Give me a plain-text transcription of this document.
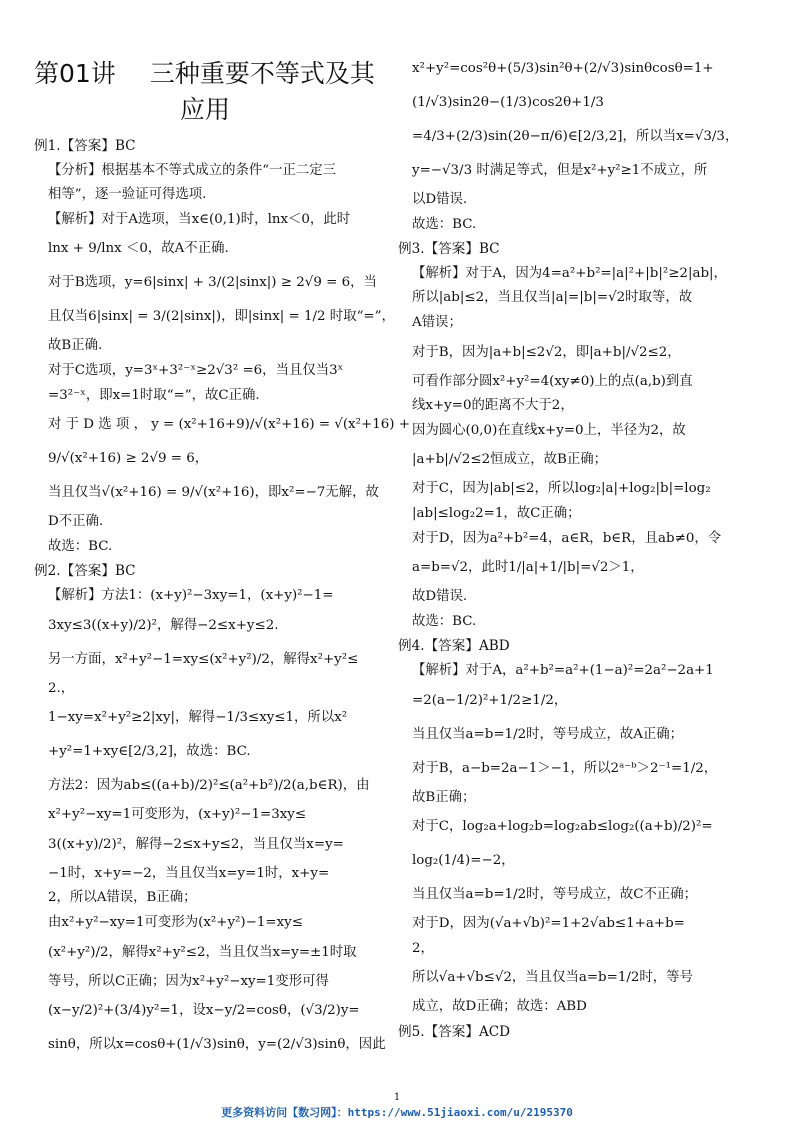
第01讲 三种重要不等式及其
应用
例1.【答案】BC
【分析】根据基本不等式成立的条件“一正二定三
相等”，逐一验证可得选项.
【解析】对于A选项，当x∈(0,1)时，lnx＜0，此时
lnx + 9/lnx ＜0，故A不正确.
对于B选项，y=6|sinx| + 3/(2|sinx|) ≥ 2√9 = 6，当
且仅当6|sinx| = 3/(2|sinx|)，即|sinx| = 1/2 时取“=”，
故B正确.
对于C选项，y=3ˣ+3²⁻ˣ≥2√3² =6，当且仅当3ˣ
=3²⁻ˣ，即x=1时取“=”，故C正确.
对 于 D 选 项 ， y = (x²+16+9)/√(x²+16) = √(x²+16) +
9/√(x²+16) ≥ 2√9 = 6，
当且仅当√(x²+16) = 9/√(x²+16)，即x²=−7无解，故
D不正确.
故选：BC.
例2.【答案】BC
【解析】方法1：(x+y)²−3xy=1，(x+y)²−1=
3xy≤3((x+y)/2)²，解得−2≤x+y≤2.
另一方面，x²+y²−1=xy≤(x²+y²)/2，解得x²+y²≤
2.，
1−xy=x²+y²≥2|xy|，解得−1/3≤xy≤1，所以x²
+y²=1+xy∈[2/3,2]，故选：BC.
方法2：因为ab≤((a+b)/2)²≤(a²+b²)/2(a,b∈R)，由
x²+y²−xy=1可变形为，(x+y)²−1=3xy≤
3((x+y)/2)²，解得−2≤x+y≤2，当且仅当x=y=
−1时，x+y=−2，当且仅当x=y=1时，x+y=
2，所以A错误，B正确；
由x²+y²−xy=1可变形为(x²+y²)−1=xy≤
(x²+y²)/2，解得x²+y²≤2，当且仅当x=y=±1时取
等号，所以C正确；因为x²+y²−xy=1变形可得
(x−y/2)²+(3/4)y²=1，设x−y/2=cosθ，(√3/2)y=
sinθ，所以x=cosθ+(1/√3)sinθ，y=(2/√3)sinθ，因此
x²+y²=cos²θ+(5/3)sin²θ+(2/√3)sinθcosθ=1+
(1/√3)sin2θ−(1/3)cos2θ+1/3
=4/3+(2/3)sin(2θ−π/6)∈[2/3,2]，所以当x=√3/3，
y=−√3/3 时满足等式，但是x²+y²≥1不成立，所
以D错误.
故选：BC.
例3.【答案】BC
【解析】对于A，因为4=a²+b²=|a|²+|b|²≥2|ab|，
所以|ab|≤2，当且仅当|a|=|b|=√2时取等，故
A错误；
对于B，因为|a+b|≤2√2，即|a+b|/√2≤2，
可看作部分圆x²+y²=4(xy≠0)上的点(a,b)到直
线x+y=0的距离不大于2，
因为圆心(0,0)在直线x+y=0上，半径为2，故
|a+b|/√2≤2恒成立，故B正确；
对于C，因为|ab|≤2，所以log₂|a|+log₂|b|=log₂
|ab|≤log₂2=1，故C正确；
对于D，因为a²+b²=4，a∈R，b∈R，且ab≠0，令
a=b=√2，此时1/|a|+1/|b|=√2＞1，
故D错误.
故选：BC.
例4.【答案】ABD
【解析】对于A，a²+b²=a²+(1−a)²=2a²−2a+1
=2(a−1/2)²+1/2≥1/2，
当且仅当a=b=1/2时，等号成立，故A正确；
对于B，a−b=2a−1＞−1，所以2ᵃ⁻ᵇ＞2⁻¹=1/2，
故B正确；
对于C，log₂a+log₂b=log₂ab≤log₂((a+b)/2)²=
log₂(1/4)=−2，
当且仅当a=b=1/2时，等号成立，故C不正确；
对于D，因为(√a+√b)²=1+2√ab≤1+a+b=
2，
所以√a+√b≤√2，当且仅当a=b=1/2时，等号
成立，故D正确；故选：ABD
例5.【答案】ACD
1
更多资料访问【数习网】：https://www.51jiaoxi.com/u/2195370
